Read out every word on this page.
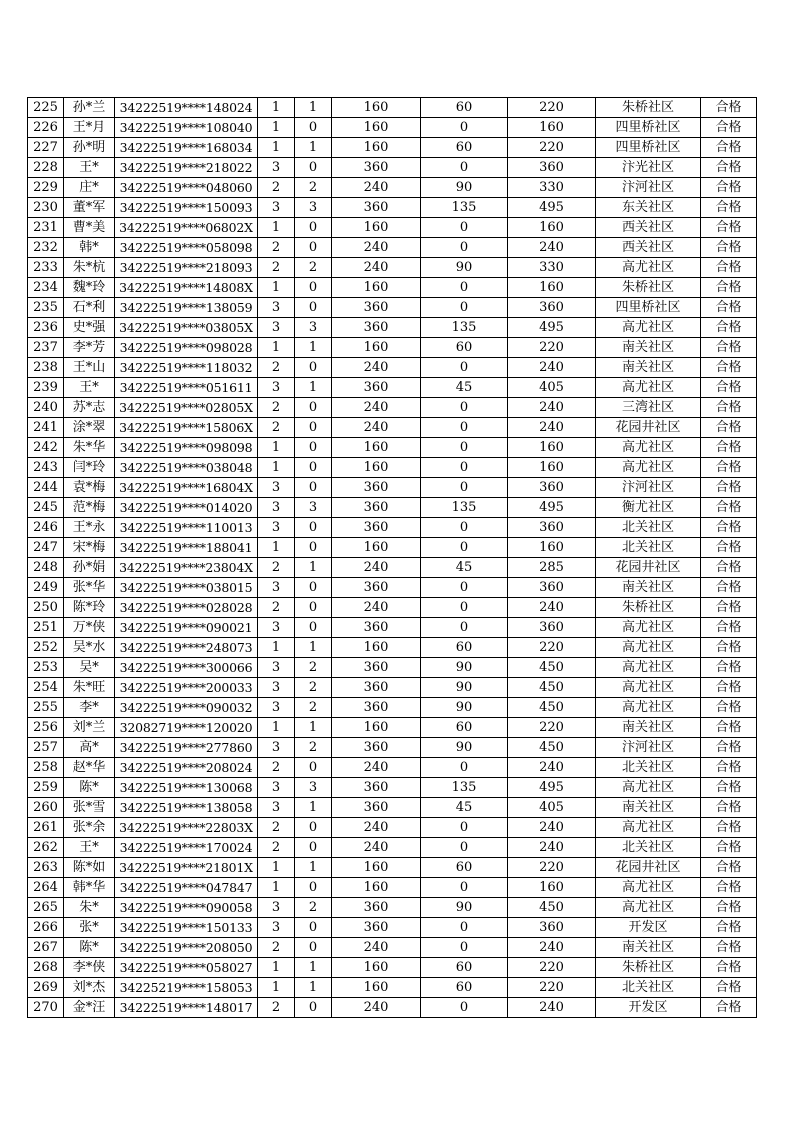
225	孙*兰	34222519****148024	1	1	160	60	220	朱桥社区	合格
226	王*月	34222519****108040	1	0	160	0	160	四里桥社区	合格
227	孙*明	34222519****168034	1	1	160	60	220	四里桥社区	合格
228	王*	34222519****218022	3	0	360	0	360	汴光社区	合格
229	庄*	34222519****048060	2	2	240	90	330	汴河社区	合格
230	董*军	34222519****150093	3	3	360	135	495	东关社区	合格
231	曹*美	34222519****06802X	1	0	160	0	160	西关社区	合格
232	韩*	34222519****058098	2	0	240	0	240	西关社区	合格
233	朱*杭	34222519****218093	2	2	240	90	330	高尤社区	合格
234	魏*玲	34222519****14808X	1	0	160	0	160	朱桥社区	合格
235	石*利	34222519****138059	3	0	360	0	360	四里桥社区	合格
236	史*强	34222519****03805X	3	3	360	135	495	高尤社区	合格
237	李*芳	34222519****098028	1	1	160	60	220	南关社区	合格
238	王*山	34222519****118032	2	0	240	0	240	南关社区	合格
239	王*	34222519****051611	3	1	360	45	405	高尤社区	合格
240	苏*志	34222519****02805X	2	0	240	0	240	三湾社区	合格
241	涂*翠	34222519****15806X	2	0	240	0	240	花园井社区	合格
242	朱*华	34222519****098098	1	0	160	0	160	高尤社区	合格
243	闫*玲	34222519****038048	1	0	160	0	160	高尤社区	合格
244	袁*梅	34222519****16804X	3	0	360	0	360	汴河社区	合格
245	范*梅	34222519****014020	3	3	360	135	495	衡尤社区	合格
246	王*永	34222519****110013	3	0	360	0	360	北关社区	合格
247	宋*梅	34222519****188041	1	0	160	0	160	北关社区	合格
248	孙*娟	34222519****23804X	2	1	240	45	285	花园井社区	合格
249	张*华	34222519****038015	3	0	360	0	360	南关社区	合格
250	陈*玲	34222519****028028	2	0	240	0	240	朱桥社区	合格
251	万*侠	34222519****090021	3	0	360	0	360	高尤社区	合格
252	吴*水	34222519****248073	1	1	160	60	220	高尤社区	合格
253	吴*	34222519****300066	3	2	360	90	450	高尤社区	合格
254	朱*旺	34222519****200033	3	2	360	90	450	高尤社区	合格
255	李*	34222519****090032	3	2	360	90	450	高尤社区	合格
256	刘*兰	32082719****120020	1	1	160	60	220	南关社区	合格
257	高*	34222519****277860	3	2	360	90	450	汴河社区	合格
258	赵*华	34222519****208024	2	0	240	0	240	北关社区	合格
259	陈*	34222519****130068	3	3	360	135	495	高尤社区	合格
260	张*雪	34222519****138058	3	1	360	45	405	南关社区	合格
261	张*余	34222519****22803X	2	0	240	0	240	高尤社区	合格
262	王*	34222519****170024	2	0	240	0	240	北关社区	合格
263	陈*如	34222519****21801X	1	1	160	60	220	花园井社区	合格
264	韩*华	34222519****047847	1	0	160	0	160	高尤社区	合格
265	朱*	34222519****090058	3	2	360	90	450	高尤社区	合格
266	张*	34222519****150133	3	0	360	0	360	开发区	合格
267	陈*	34222519****208050	2	0	240	0	240	南关社区	合格
268	李*侠	34222519****058027	1	1	160	60	220	朱桥社区	合格
269	刘*杰	34225219****158053	1	1	160	60	220	北关社区	合格
270	金*汪	34222519****148017	2	0	240	0	240	开发区	合格
